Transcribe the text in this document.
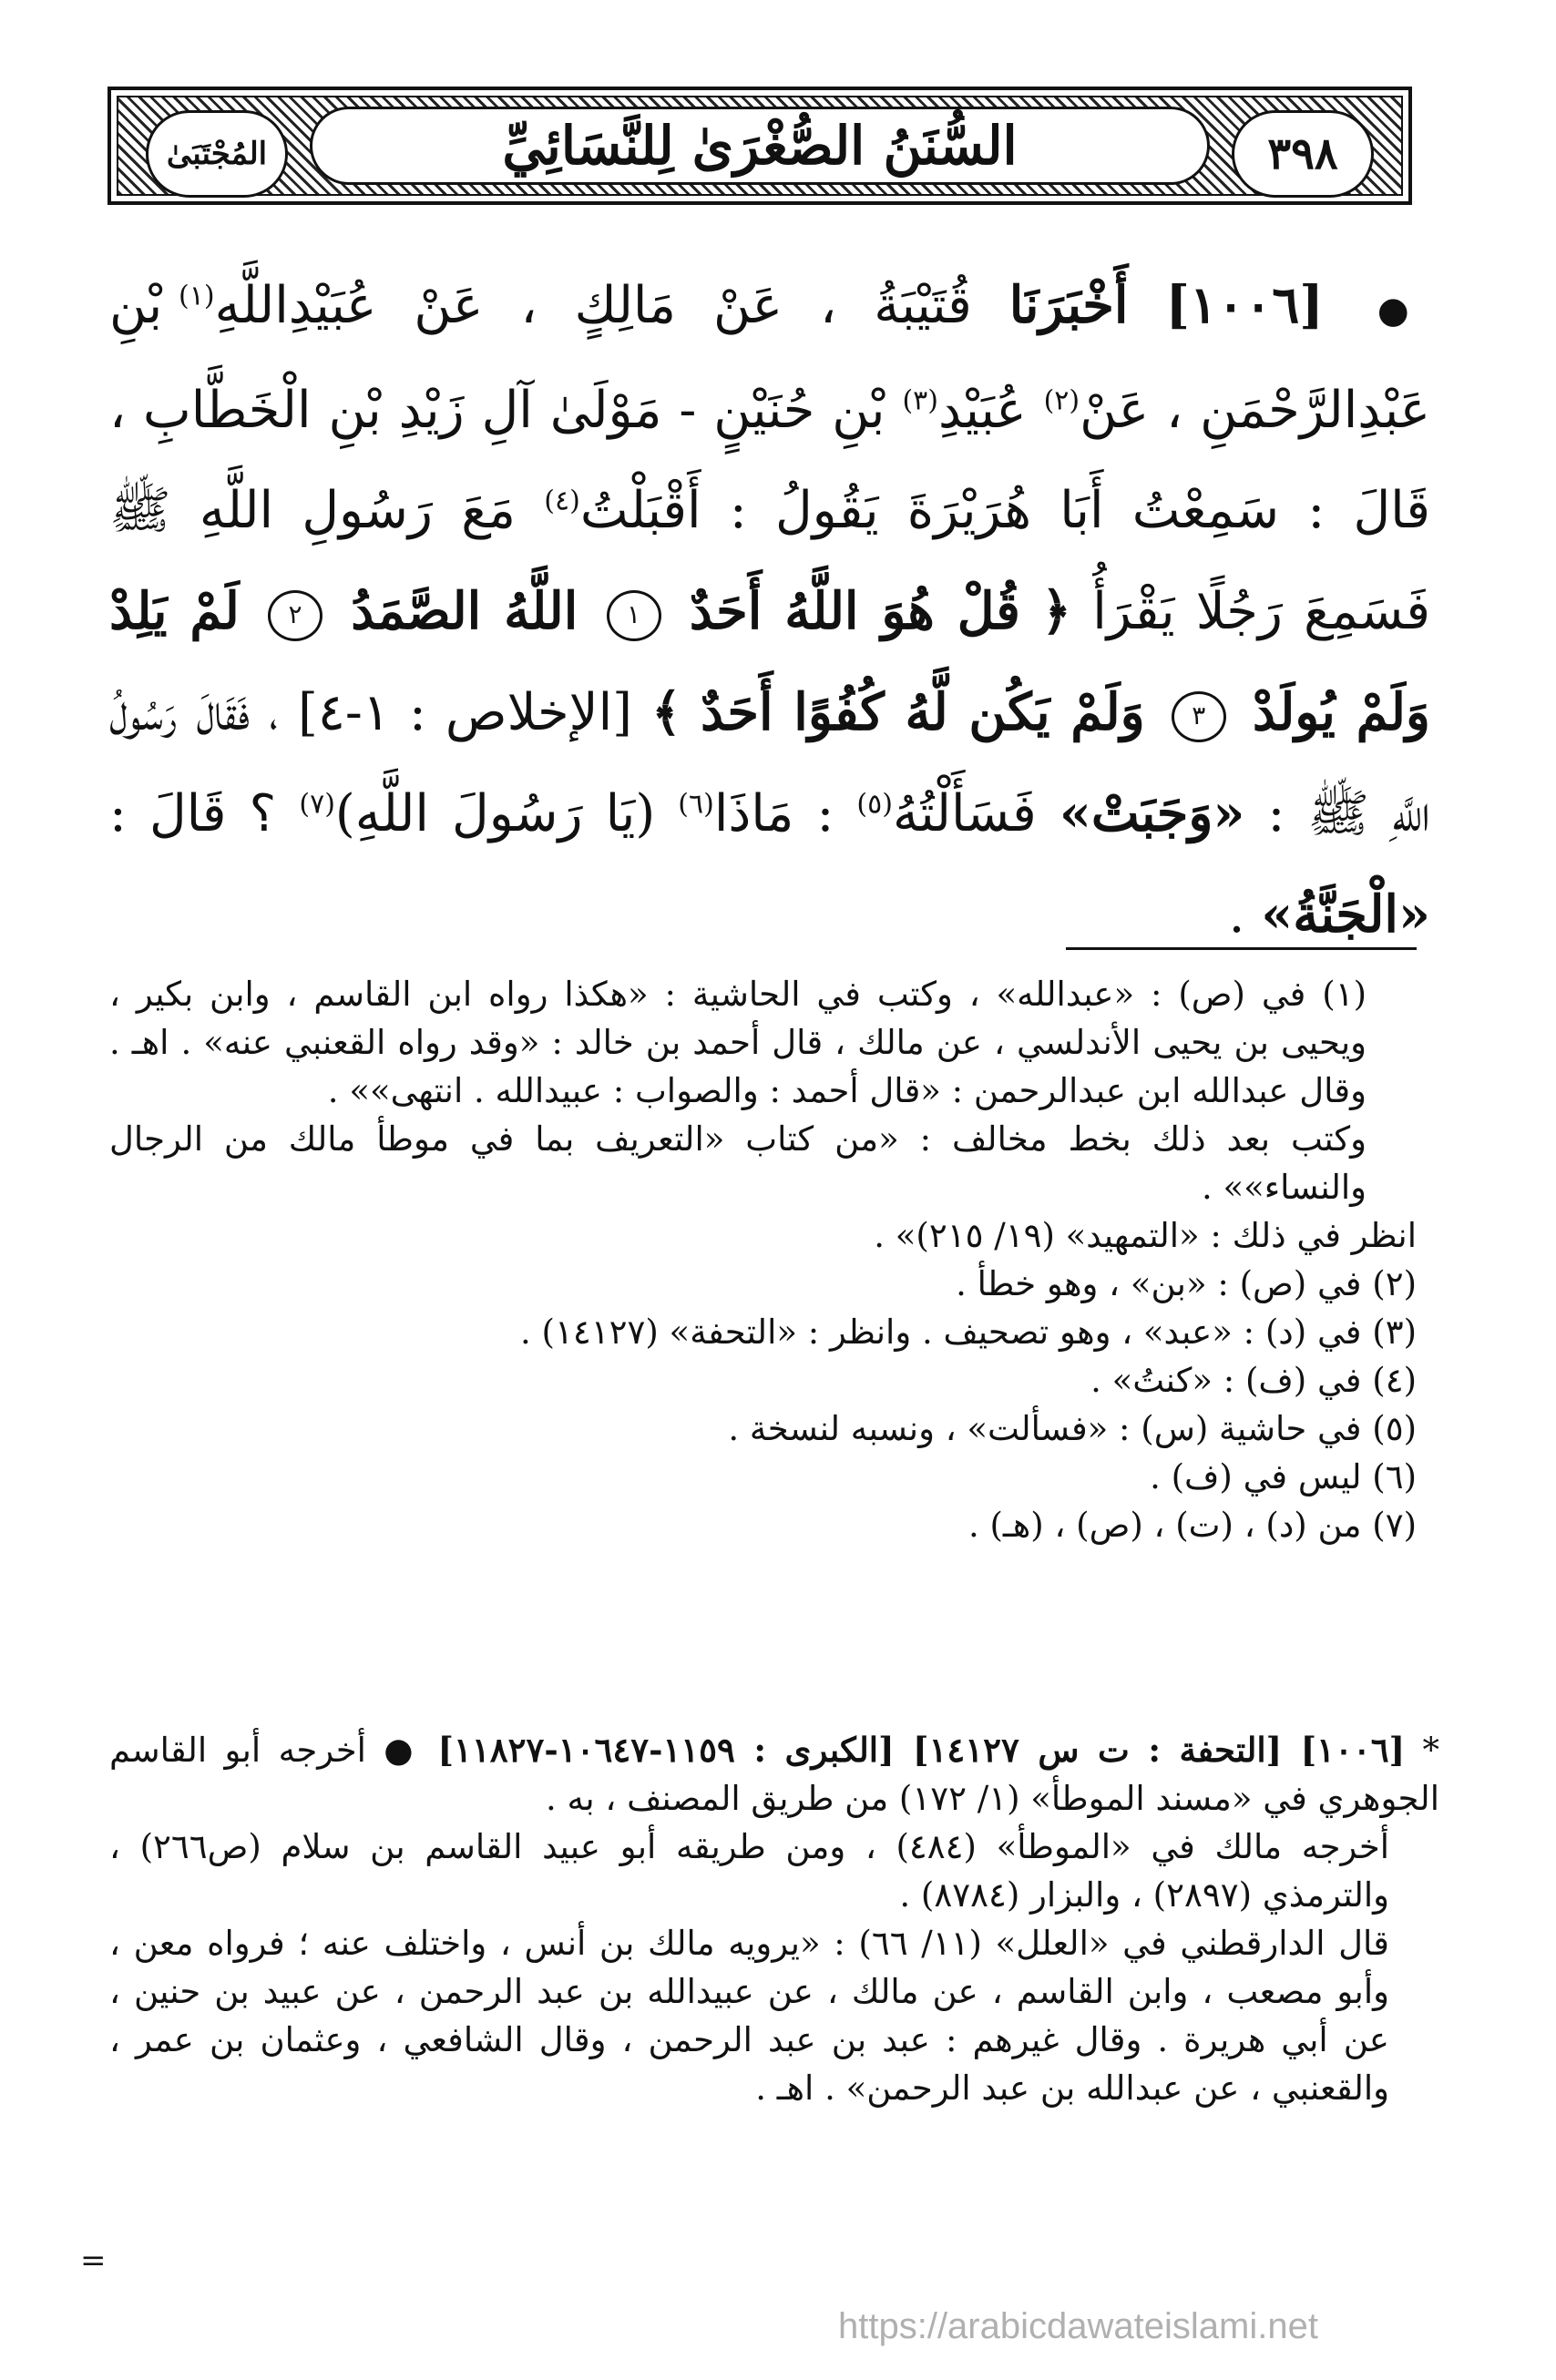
المُجْتَبَىٰ	السُّنَنُ الصُّغْرَىٰ لِلنَّسَائِيِّ	٣٩٨
● [١٠٠٦] أَخْبَرَنَا قُتَيْبَةُ ، عَنْ مَالِكٍ ، عَنْ عُبَيْدِاللَّهِ$^{(١)}$ بْنِ عَبْدِالرَّحْمَنِ ، عَنْ$^{(٢)}$ عُبَيْدِ$^{(٣)}$ بْنِ حُنَيْنٍ - مَوْلَىٰ آلِ زَيْدِ بْنِ الْخَطَّابِ ، قَالَ : سَمِعْتُ أَبَا هُرَيْرَةَ يَقُولُ : أَقْبَلْتُ$^{(٤)}$ مَعَ رَسُولِ اللَّهِ ﷺ فَسَمِعَ رَجُلًا يَقْرَأُ ﴿ قُلْ هُوَ اللَّهُ أَحَدٌ ١ اللَّهُ الصَّمَدُ ٢ لَمْ يَلِدْ وَلَمْ يُولَدْ ٣ وَلَمْ يَكُن لَّهُ كُفُوًا أَحَدٌ ﴾ [الإخلاص : ١-٤] ، فَقَالَ رَسُولُ اللَّهِ ﷺ : «وَجَبَتْ» فَسَأَلْتُهُ$^{(٥)}$ : مَاذَا$^{(٦)}$ (يَا رَسُولَ اللَّهِ)$^{(٧)}$ ؟ قَالَ : «الْجَنَّةُ» .

(١) في (ص) : «عبدالله» ، وكتب في الحاشية : «هكذا رواه ابن القاسم ، وابن بكير ، ويحيى بن يحيى الأندلسي ، عن مالك ، قال أحمد بن خالد : «وقد رواه القعنبي عنه» . اهـ . وقال عبدالله ابن عبدالرحمن : «قال أحمد : والصواب : عبيدالله . انتهى»» .

وكتب بعد ذلك بخط مخالف : «من كتاب «التعريف بما في موطأ مالك من الرجال والنساء»» .

انظر في ذلك : «التمهيد» (١٩/ ٢١٥)» .

(٢) في (ص) : «بن» ، وهو خطأ .

(٣) في (د) : «عبد» ، وهو تصحيف . وانظر : «التحفة» (١٤١٢٧) .

(٤) في (ف) : «كنتُ» .

(٥) في حاشية (س) : «فسألت» ، ونسبه لنسخة .

(٦) ليس في (ف) .

(٧) من (د) ، (ت) ، (ص) ، (هـ) .

* [١٠٠٦] [التحفة : ت س ١٤١٢٧] [الكبرى : ١١٥٩-١٠٦٤٧-١١٨٢٧] ● أخرجه أبو القاسم الجوهري في «مسند الموطأ» (١/ ١٧٢) من طريق المصنف ، به .

أخرجه مالك في «الموطأ» (٤٨٤) ، ومن طريقه أبو عبيد القاسم بن سلام (ص٢٦٦) ، والترمذي (٢٨٩٧) ، والبزار (٨٧٨٤) .

قال الدارقطني في «العلل» (١١/ ٦٦) : «يرويه مالك بن أنس ، واختلف عنه ؛ فرواه معن ، وأبو مصعب ، وابن القاسم ، عن مالك ، عن عبيدالله بن عبد الرحمن ، عن عبيد بن حنين ، عن أبي هريرة . وقال غيرهم : عبد بن عبد الرحمن ، وقال الشافعي ، وعثمان بن عمر ، والقعنبي ، عن عبدالله بن عبد الرحمن» . اهـ .

=
https://arabicdawateislami.net
